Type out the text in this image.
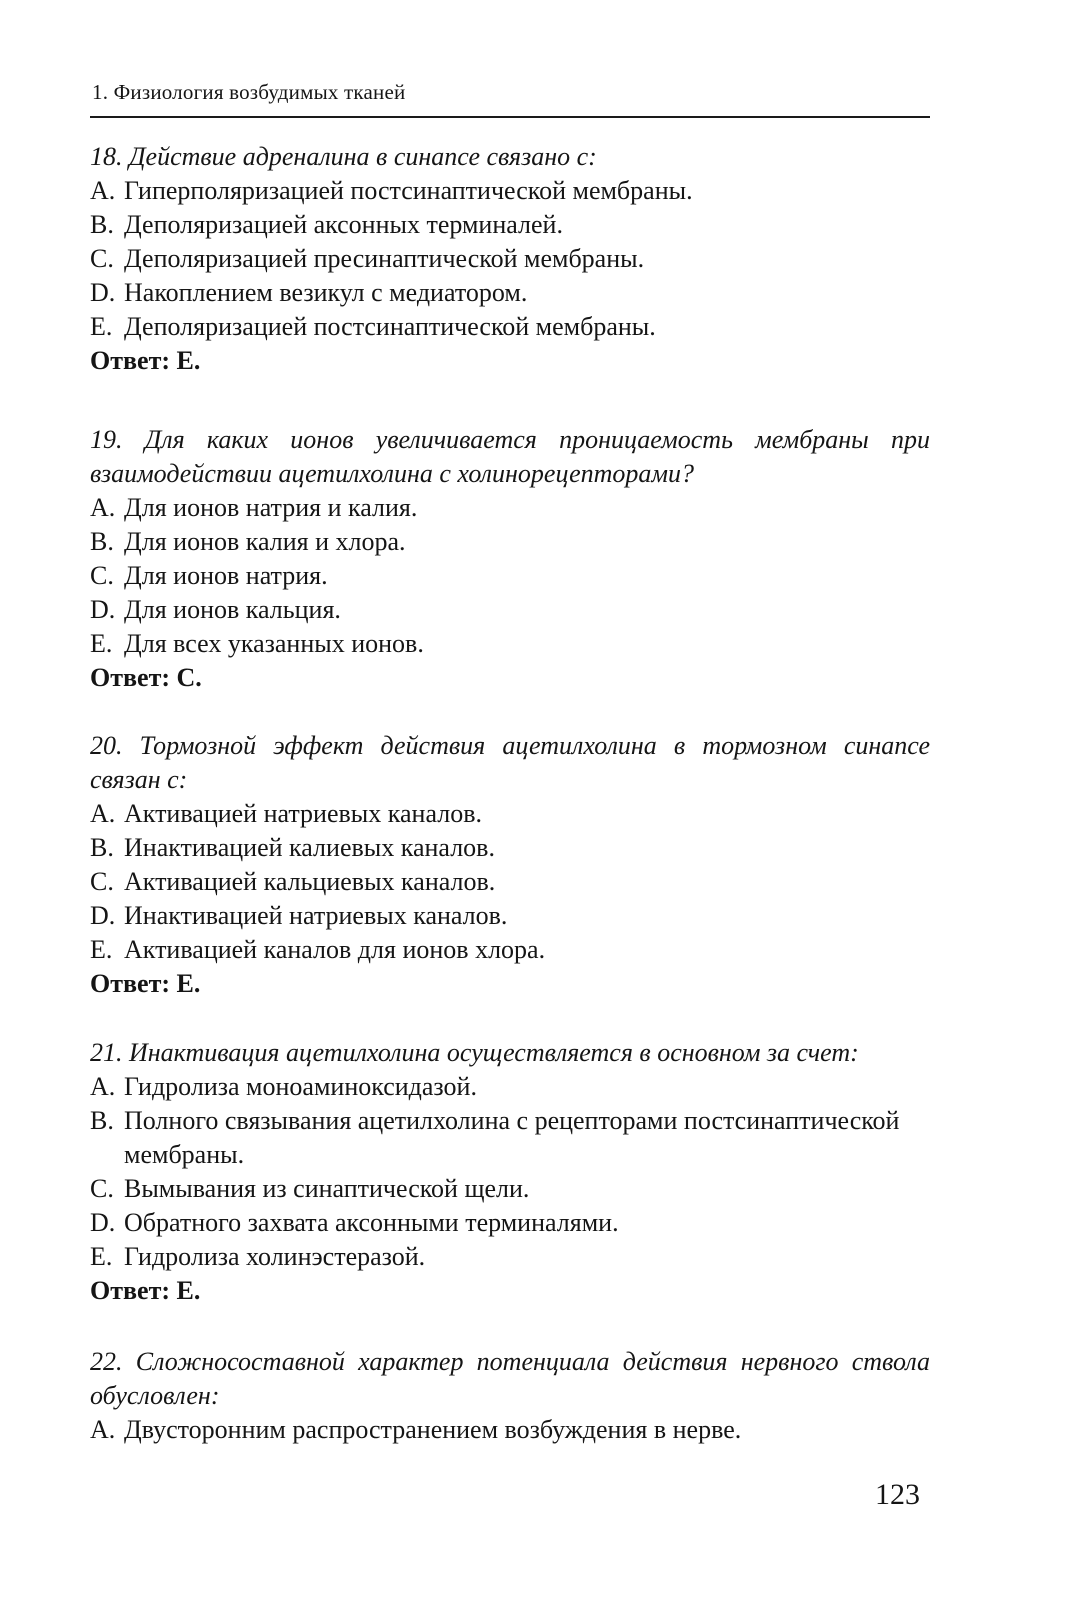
1. Физиология возбудимых тканей

18. Действие адреналина в синапсе связано с:

A. Гиперполяризацией постсинаптической мембраны.
B. Деполяризацией аксонных терминалей.
C. Деполяризацией пресинаптической мембраны.
D. Накоплением везикул с медиатором.
E. Деполяризацией постсинаптической мембраны.

Ответ: E.

19. Для каких ионов увеличивается проницаемость мембраны при взаимодействии ацетилхолина с холинорецепторами?

A. Для ионов натрия и калия.
B. Для ионов калия и хлора.
C. Для ионов натрия.
D. Для ионов кальция.
E. Для всех указанных ионов.

Ответ: C.

20. Тормозной эффект действия ацетилхолина в тормозном синапсе связан с:

A. Активацией натриевых каналов.
B. Инактивацией калиевых каналов.
C. Активацией кальциевых каналов.
D. Инактивацией натриевых каналов.
E. Активацией каналов для ионов хлора.

Ответ: E.

21. Инактивация ацетилхолина осуществляется в основном за счет:

A. Гидролиза моноаминоксидазой.
B. Полного связывания ацетилхолина с рецепторами постсинаптической мембраны.
C. Вымывания из синаптической щели.
D. Обратного захвата аксонными терминалями.
E. Гидролиза холинэстеразой.

Ответ: E.

22. Сложносоставной характер потенциала действия нервного ствола обусловлен:

A. Двусторонним распространением возбуждения в нерве.
123
